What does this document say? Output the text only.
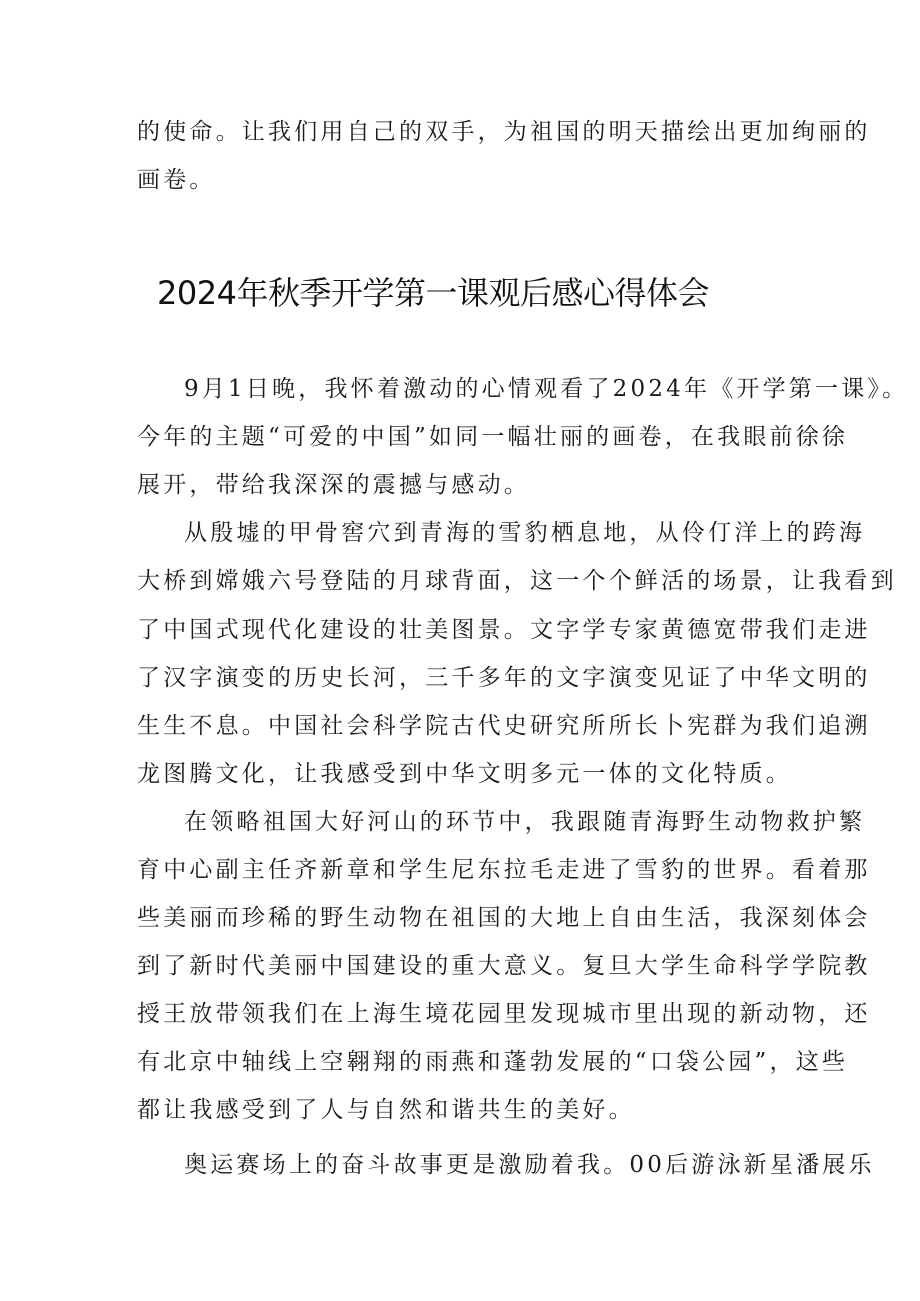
的使命。让我们用自己的双手，为祖国的明天描绘出更加绚丽的
画卷。
2024年秋季开学第一课观后感心得体会
9月1日晚，我怀着激动的心情观看了2024年《开学第一课》。
今年的主题“可爱的中国”如同一幅壮丽的画卷，在我眼前徐徐
展开，带给我深深的震撼与感动。
从殷墟的甲骨窖穴到青海的雪豹栖息地，从伶仃洋上的跨海
大桥到嫦娥六号登陆的月球背面，这一个个鲜活的场景，让我看到
了中国式现代化建设的壮美图景。文字学专家黄德宽带我们走进
了汉字演变的历史长河，三千多年的文字演变见证了中华文明的
生生不息。中国社会科学院古代史研究所所长卜宪群为我们追溯
龙图腾文化，让我感受到中华文明多元一体的文化特质。
在领略祖国大好河山的环节中，我跟随青海野生动物救护繁
育中心副主任齐新章和学生尼东拉毛走进了雪豹的世界。看着那
些美丽而珍稀的野生动物在祖国的大地上自由生活，我深刻体会
到了新时代美丽中国建设的重大意义。复旦大学生命科学学院教
授王放带领我们在上海生境花园里发现城市里出现的新动物，还
有北京中轴线上空翱翔的雨燕和蓬勃发展的“口袋公园”，这些
都让我感受到了人与自然和谐共生的美好。
奥运赛场上的奋斗故事更是激励着我。00后游泳新星潘展乐
